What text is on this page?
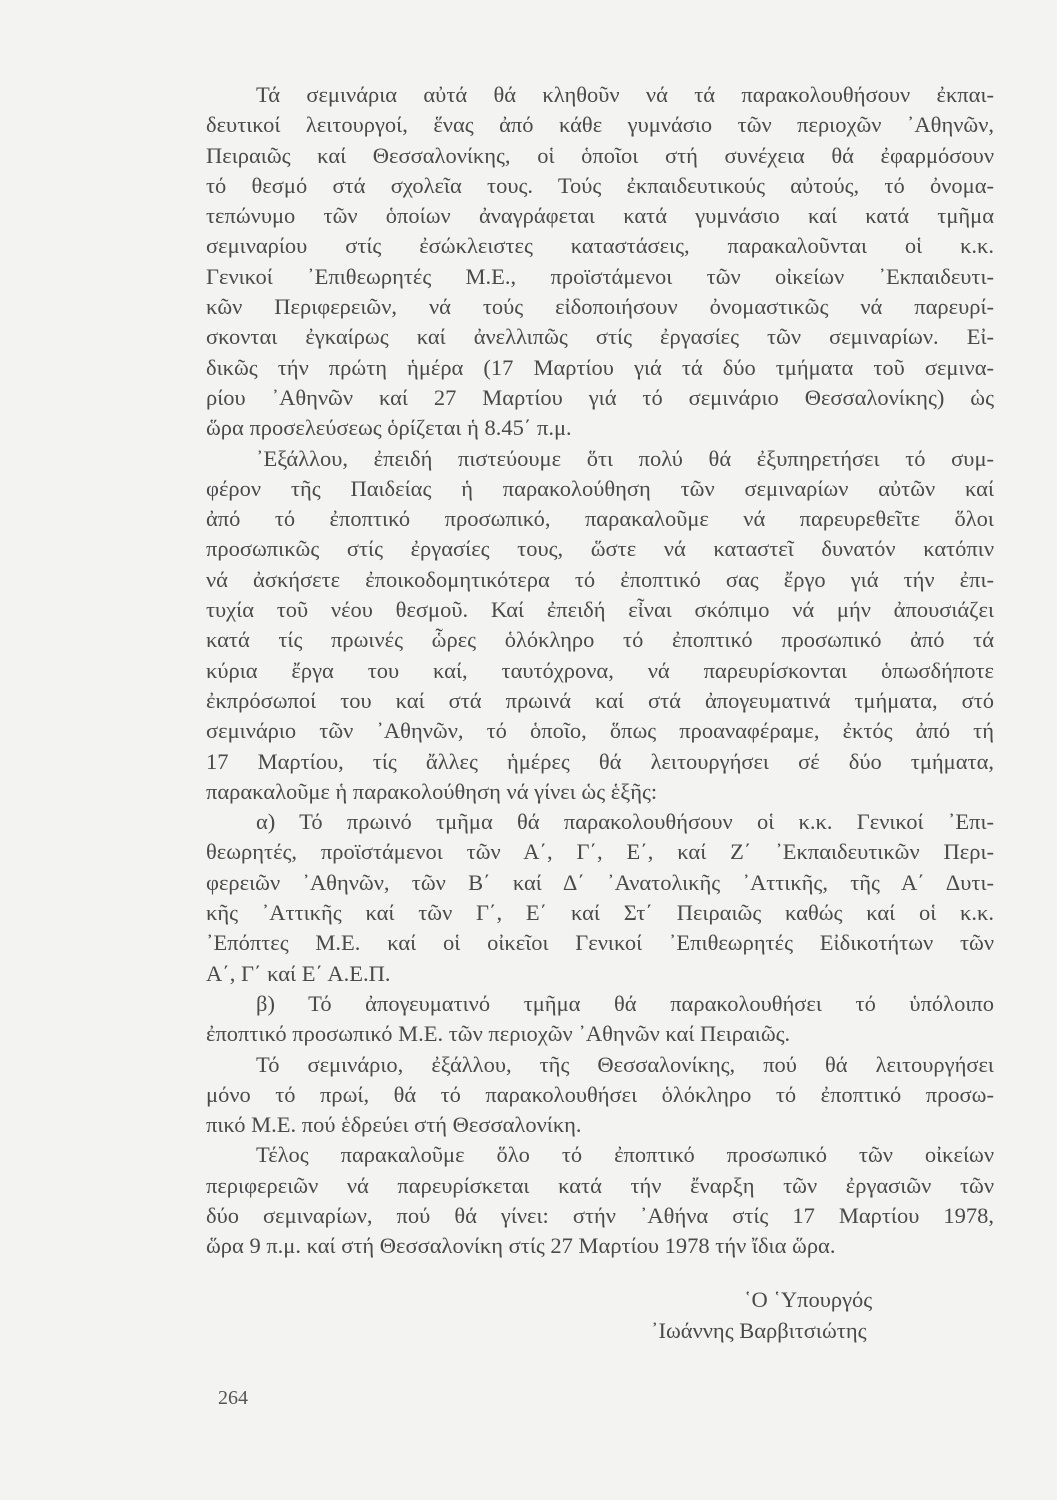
Τά σεμινάρια αὐτά θά κληθοῦν νά τά παρακολουθήσουν ἐκπαι-
δευτικοί λειτουργοί, ἕνας ἀπό κάθε γυμνάσιο τῶν περιοχῶν ᾿Αθηνῶν,
Πειραιῶς καί Θεσσαλονίκης, οἱ ὁποῖοι στή συνέχεια θά ἐφαρμόσουν
τό θεσμό στά σχολεῖα τους. Τούς ἐκπαιδευτικούς αὐτούς, τό ὀνομα-
τεπώνυμο τῶν ὁποίων ἀναγράφεται κατά γυμνάσιο καί κατά τμῆμα
σεμιναρίου στίς ἐσώκλειστες καταστάσεις, παρακαλοῦνται οἱ κ.κ.
Γενικοί ᾿Επιθεωρητές Μ.Ε., προϊστάμενοι τῶν οἰκείων ᾿Εκπαιδευτι-
κῶν Περιφερειῶν, νά τούς εἰδοποιήσουν ὀνομαστικῶς νά παρευρί-
σκονται ἐγκαίρως καί ἀνελλιπῶς στίς ἐργασίες τῶν σεμιναρίων. Εἰ-
δικῶς τήν πρώτη ἡμέρα (17 Μαρτίου γιά τά δύο τμήματα τοῦ σεμινα-
ρίου ᾿Αθηνῶν καί 27 Μαρτίου γιά τό σεμινάριο Θεσσαλονίκης) ὡς
ὥρα προσελεύσεως ὁρίζεται ἡ 8.45΄ π.μ.
᾿Εξάλλου, ἐπειδή πιστεύουμε ὅτι πολύ θά ἐξυπηρετήσει τό συμ-
φέρον τῆς Παιδείας ἡ παρακολούθηση τῶν σεμιναρίων αὐτῶν καί
ἀπό τό ἐποπτικό προσωπικό, παρακαλοῦμε νά παρευρεθεῖτε ὅλοι
προσωπικῶς στίς ἐργασίες τους, ὥστε νά καταστεῖ δυνατόν κατόπιν
νά ἀσκήσετε ἐποικοδομητικότερα τό ἐποπτικό σας ἔργο γιά τήν ἐπι-
τυχία τοῦ νέου θεσμοῦ. Καί ἐπειδή εἶναι σκόπιμο νά μήν ἀπουσιάζει
κατά τίς πρωινές ὧρες ὁλόκληρο τό ἐποπτικό προσωπικό ἀπό τά
κύρια ἔργα του καί, ταυτόχρονα, νά παρευρίσκονται ὁπωσδήποτε
ἐκπρόσωποί του καί στά πρωινά καί στά ἀπογευματινά τμήματα, στό
σεμινάριο τῶν ᾿Αθηνῶν, τό ὁποῖο, ὅπως προαναφέραμε, ἐκτός ἀπό τή
17 Μαρτίου, τίς ἄλλες ἡμέρες θά λειτουργήσει σέ δύο τμήματα,
παρακαλοῦμε ἡ παρακολούθηση νά γίνει ὡς ἑξῆς:
α) Τό πρωινό τμῆμα θά παρακολουθήσουν οἱ κ.κ. Γενικοί ᾿Επι-
θεωρητές, προϊστάμενοι τῶν Α΄, Γ΄, Ε΄, καί Ζ΄ ᾿Εκπαιδευτικῶν Περι-
φερειῶν ᾿Αθηνῶν, τῶν Β΄ καί Δ΄ ᾿Ανατολικῆς ᾿Αττικῆς, τῆς Α΄ Δυτι-
κῆς ᾿Αττικῆς καί τῶν Γ΄, Ε΄ καί Στ΄ Πειραιῶς καθώς καί οἱ κ.κ.
᾿Επόπτες Μ.Ε. καί οἱ οἰκεῖοι Γενικοί ᾿Επιθεωρητές Εἰδικοτήτων τῶν
Α΄, Γ΄ καί Ε΄ Α.Ε.Π.
β) Τό ἀπογευματινό τμῆμα θά παρακολουθήσει τό ὑπόλοιπο
ἐποπτικό προσωπικό Μ.Ε. τῶν περιοχῶν ᾿Αθηνῶν καί Πειραιῶς.
Τό σεμινάριο, ἐξάλλου, τῆς Θεσσαλονίκης, πού θά λειτουργήσει
μόνο τό πρωί, θά τό παρακολουθήσει ὁλόκληρο τό ἐποπτικό προσω-
πικό Μ.Ε. πού ἑδρεύει στή Θεσσαλονίκη.
Τέλος παρακαλοῦμε ὅλο τό ἐποπτικό προσωπικό τῶν οἰκείων
περιφερειῶν νά παρευρίσκεται κατά τήν ἔναρξη τῶν ἐργασιῶν τῶν
δύο σεμιναρίων, πού θά γίνει: στήν ᾿Αθήνα στίς 17 Μαρτίου 1978,
ὥρα 9 π.μ. καί στή Θεσσαλονίκη στίς 27 Μαρτίου 1978 τήν ἴδια ὥρα.
῾Ο ῾Υπουργός
᾿Ιωάννης Βαρβιτσιώτης
264
